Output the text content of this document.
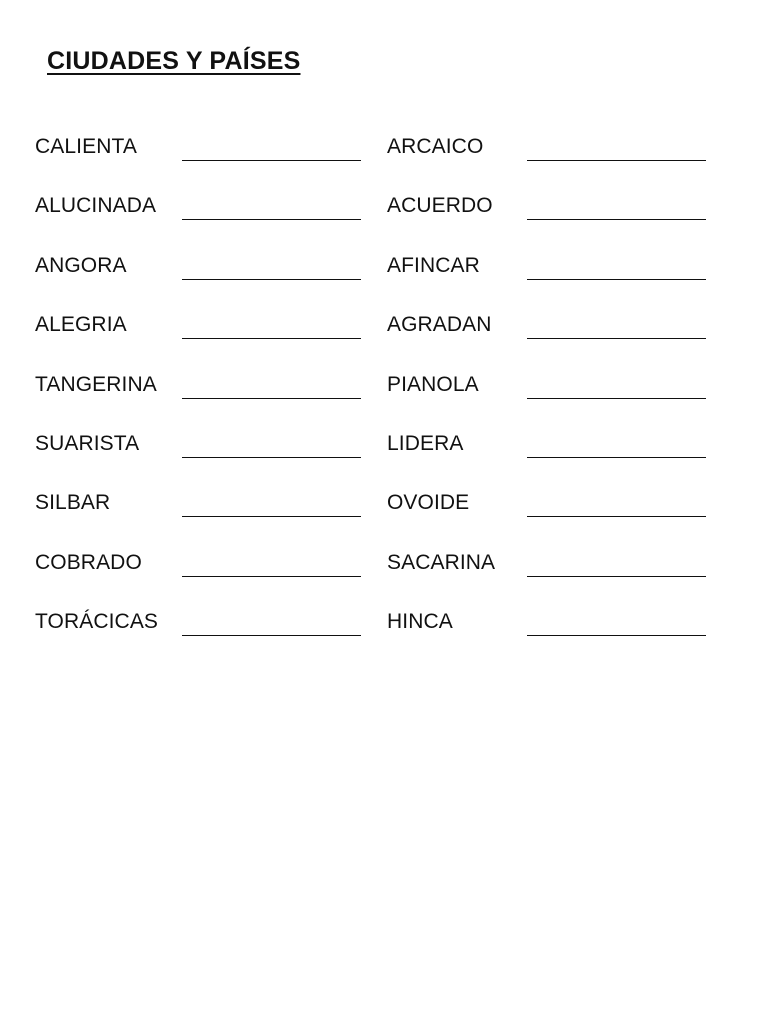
CIUDADES Y PAÍSES
CALIENTA	ARCAICO
ALUCINADA	ACUERDO
ANGORA	AFINCAR
ALEGRIA	AGRADAN
TANGERINA	PIANOLA
SUARISTA	LIDERA
SILBAR	OVOIDE
COBRADO	SACARINA
TORÁCICAS	HINCA
